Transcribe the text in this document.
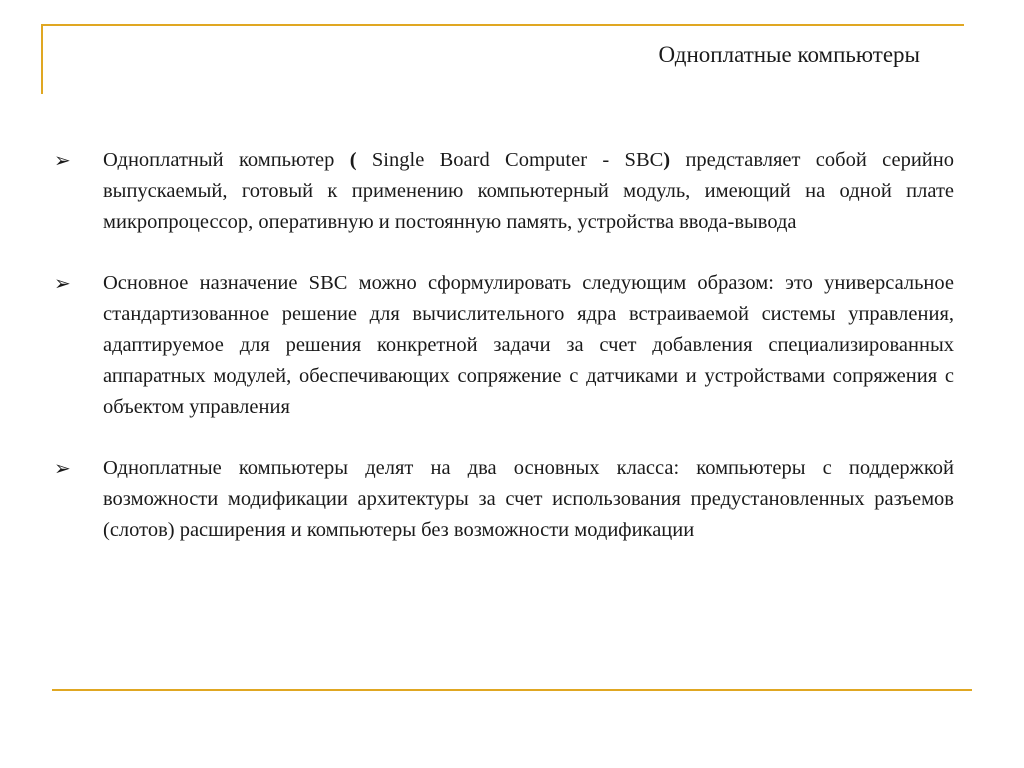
Одноплатные компьютеры
➢ Одноплатный компьютер ( Single Board Computer - SBC) представляет собой серийно выпускаемый, готовый к применению компьютерный модуль, имеющий на одной плате микропроцессор, оперативную и постоянную память, устройства ввода-вывода
➢ Основное назначение SBC можно сформулировать следующим образом: это универсальное стандартизованное решение для вычислительного ядра встраиваемой системы управления, адаптируемое для решения конкретной задачи за счет добавления специализированных аппаратных модулей, обеспечивающих сопряжение с датчиками и устройствами сопряжения с объектом управления
➢ Одноплатные компьютеры делят на два основных класса: компьютеры с поддержкой возможности модификации архитектуры за счет использования предустановленных разъемов (слотов) расширения и компьютеры без возможности модификации
